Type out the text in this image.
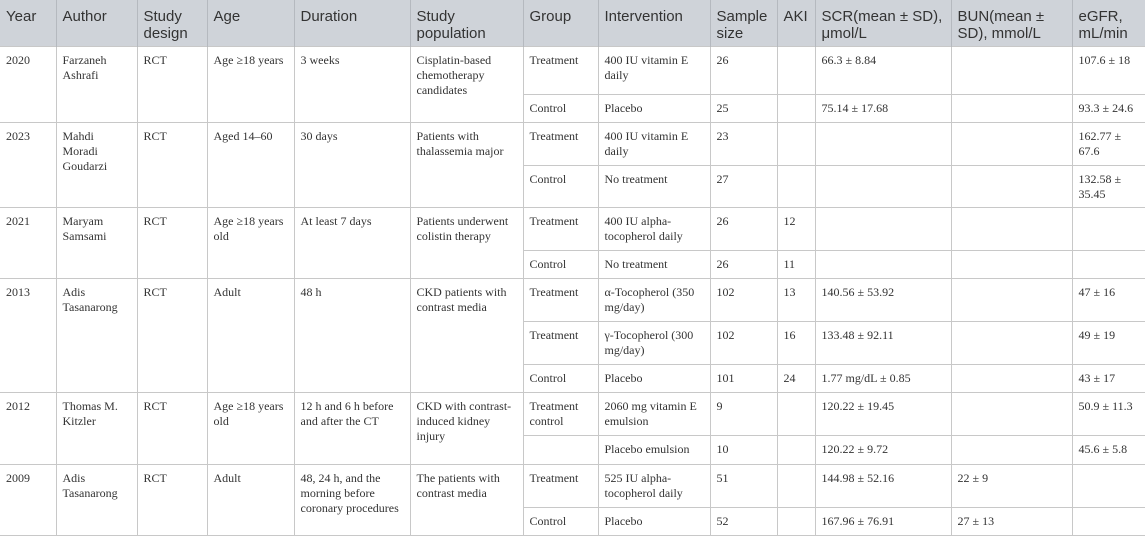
Year	Author	Study design	Age	Duration	Study population	Group	Intervention	Sample size	AKI	SCR(mean ± SD), μmol/L	BUN(mean ± SD), mmol/L	eGFR, mL/min
2020	Farzaneh Ashrafi	RCT	Age ≥18 years	3 weeks	Cisplatin-based chemotherapy candidates	Treatment	400 IU vitamin E daily	26		66.3 ± 8.84		107.6 ± 18
						Control	Placebo	25		75.14 ± 17.68		93.3 ± 24.6
2023	Mahdi Moradi Goudarzi	RCT	Aged 14–60	30 days	Patients with thalassemia major	Treatment	400 IU vitamin E daily	23				162.77 ± 67.6
						Control	No treatment	27				132.58 ± 35.45
2021	Maryam Samsami	RCT	Age ≥18 years old	At least 7 days	Patients underwent colistin therapy	Treatment	400 IU alpha-tocopherol daily	26	12			
						Control	No treatment	26	11			
2013	Adis Tasanarong	RCT	Adult	48 h	CKD patients with contrast media	Treatment	α-Tocopherol (350 mg/day)	102	13	140.56 ± 53.92		47 ± 16
						Treatment	γ-Tocopherol (300 mg/day)	102	16	133.48 ± 92.11		49 ± 19
						Control	Placebo	101	24	1.77 mg/dL ± 0.85		43 ± 17
2012	Thomas M. Kitzler	RCT	Age ≥18 years old	12 h and 6 h before and after the CT	CKD with contrast-induced kidney injury	Treatment control	2060 mg vitamin E emulsion	9		120.22 ± 19.45		50.9 ± 11.3
							Placebo emulsion	10		120.22 ± 9.72		45.6 ± 5.8
2009	Adis Tasanarong	RCT	Adult	48, 24 h, and the morning before coronary procedures	The patients with contrast media	Treatment	525 IU alpha-tocopherol daily	51		144.98 ± 52.16	22 ± 9	
						Control	Placebo	52		167.96 ± 76.91	27 ± 13	
